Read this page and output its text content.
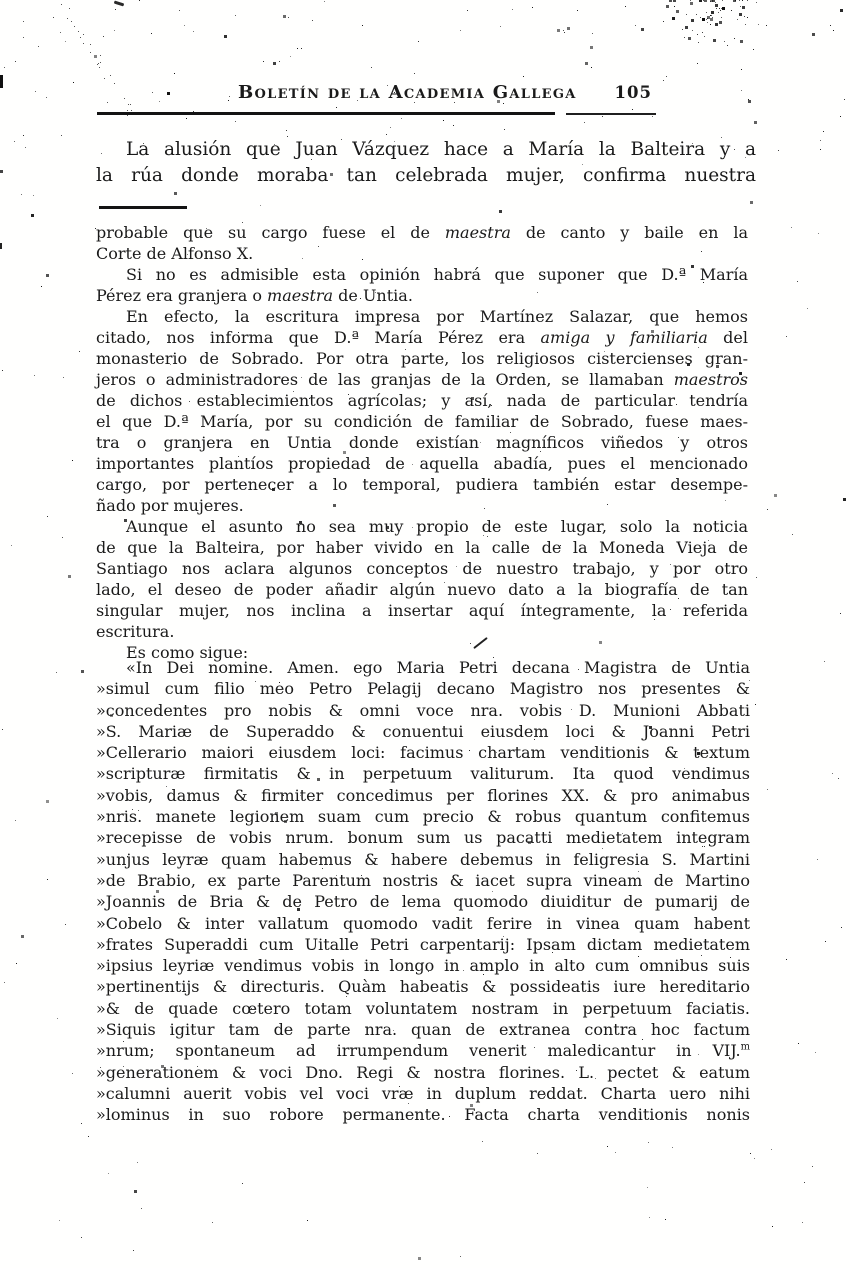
Boletín de la Academia Gallega 105
La alusión que Juan Vázquez hace a María la Balteira y a
la rúa donde moraba tan celebrada mujer, confirma nuestra
probable que su cargo fuese el de maestra de canto y baile en la
Corte de Alfonso X.
Si no es admisible esta opinión habrá que suponer que D.ª María
Pérez era granjera o maestra de Untia.
En efecto, la escritura impresa por Martínez Salazar, que hemos
citado, nos informa que D.ª María Pérez era amiga y familiaria del
monasterio de Sobrado. Por otra parte, los religiosos cistercienses gran-
jeros o administradores de las granjas de la Orden, se llamaban maestros
de dichos establecimientos agrícolas; y así, nada de particular tendría
el que D.ª María, por su condición de familiar de Sobrado, fuese maes-
tra o granjera en Untia donde existían magníficos viñedos y otros
importantes plantíos propiedad de aquella abadía, pues el mencionado
cargo, por pertenecer a lo temporal, pudiera también estar desempe-
ñado por mujeres.
Aunque el asunto no sea muy propio de este lugar, solo la noticia
de que la Balteira, por haber vivido en la calle de la Moneda Vieja de
Santiago nos aclara algunos conceptos de nuestro trabajo, y por otro
lado, el deseo de poder añadir algún nuevo dato a la biografía de tan
singular mujer, nos inclina a insertar aquí íntegramente, la referida
escritura.
Es como sigue:
«In Dei nomine. Amen. ego Maria Petri decana Magistra de Untia
»simul cum filio meo Petro Pelagij decano Magistro nos presentes &
»concedentes pro nobis & omni voce nra. vobis D. Munioni Abbati
»S. Mariæ de Superaddo & conuentui eiusdem loci & Joanni Petri
»Cellerario maiori eiusdem loci: facimus chartam venditionis & textum
»scripturæ firmitatis & in perpetuum valiturum. Ita quod vendimus
»vobis, damus & firmiter concedimus per florines XX. & pro animabus
»nris. manete legionem suam cum precio & robus quantum confitemus
»recepisse de vobis nrum. bonum sum us pacatti medietatem integram
»unjus leyræ quam habemus & habere debemus in feligresia S. Martini
»de Brabio, ex parte Parentum nostris & iacet supra vineam de Martino
»Joannis de Bria & de Petro de lema quomodo diuiditur de pumarij de
»Cobelo & inter vallatum quomodo vadit ferire in vinea quam habent
»frates Superaddi cum Uitalle Petri carpentarij: Ipsam dictam medietatem
»ipsius leyriæ vendimus vobis in longo in amplo in alto cum omnibus suis
»pertinentijs & directuris. Quàm habeatis & possideatis iure hereditario
»& de quade cœtero totam voluntatem nostram in perpetuum faciatis.
»Siquis igitur tam de parte nra. quan de extranea contra hoc factum
»nrum; spontaneum ad irrumpendum venerit maledicantur in VIJ.$^m$
»generationem & voci Dno. Regi & nostra florines. L. pectet & eatum
»calumni auerit vobis vel voci vræ in duplum reddat. Charta uero nihi
»lominus in suo robore permanente. Facta charta venditionis nonis
